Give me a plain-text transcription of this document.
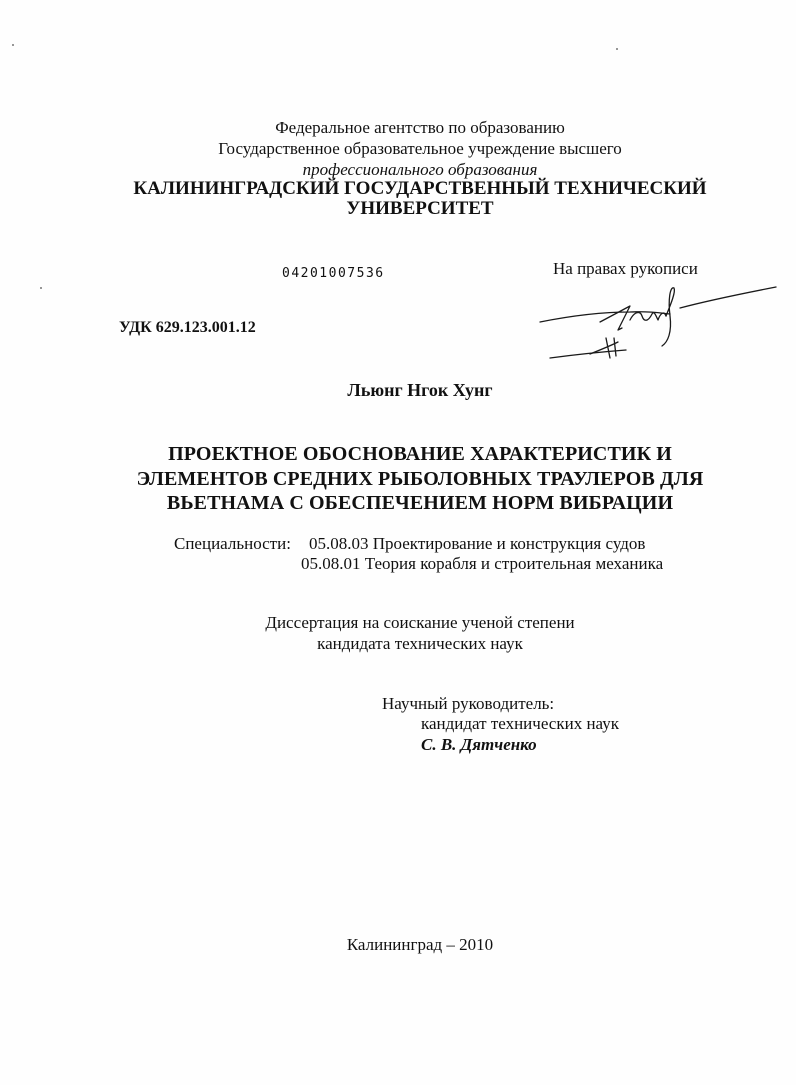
Федеральное агентство по образованию
Государственное образовательное учреждение высшего
профессионального образования
КАЛИНИНГРАДСКИЙ ГОСУДАРСТВЕННЫЙ ТЕХНИЧЕСКИЙ
УНИВЕРСИТЕТ
04201007536	На правах рукописи
УДК 629.123.001.12
Льюнг Нгок Хунг
ПРОЕКТНОЕ ОБОСНОВАНИЕ ХАРАКТЕРИСТИК И
ЭЛЕМЕНТОВ СРЕДНИХ РЫБОЛОВНЫХ ТРАУЛЕРОВ ДЛЯ
ВЬЕТНАМА С ОБЕСПЕЧЕНИЕМ НОРМ ВИБРАЦИИ
Специальности: 05.08.03 Проектирование и конструкция судов
05.08.01 Теория корабля и строительная механика
Диссертация на соискание ученой степени
кандидата технических наук
Научный руководитель:
кандидат технических наук
С. В. Дятченко
Калининград – 2010
